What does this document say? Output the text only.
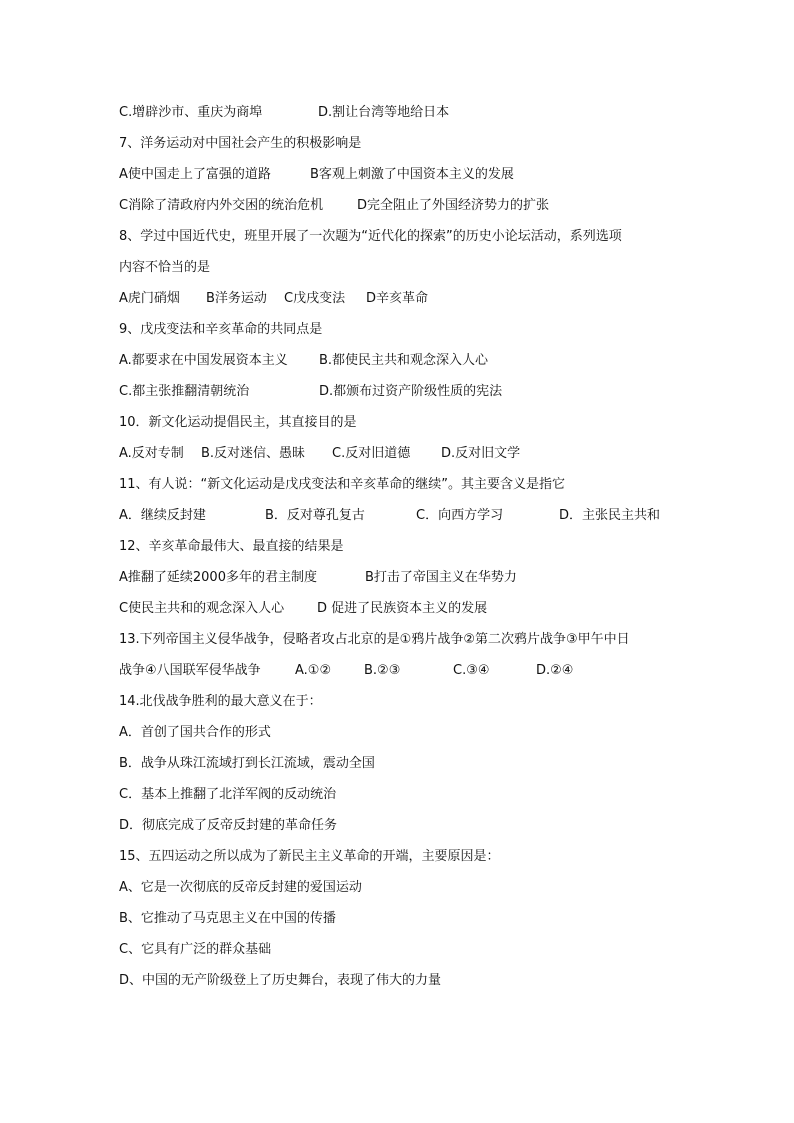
C.增辟沙市、重庆为商埠	D.割让台湾等地给日本
7、洋务运动对中国社会产生的积极影响是
A使中国走上了富强的道路	B客观上刺激了中国资本主义的发展
C消除了清政府内外交困的统治危机	D完全阻止了外国经济势力的扩张
8、学过中国近代史，班里开展了一次题为“近代化的探索”的历史小论坛活动，系列选项
内容不恰当的是
A虎门硝烟 B洋务运动 C戊戌变法 D辛亥革命
9、戊戌变法和辛亥革命的共同点是
A.都要求在中国发展资本主义 B.都使民主共和观念深入人心
C.都主张推翻清朝统治	D.都颁布过资产阶级性质的宪法
10．新文化运动提倡民主，其直接目的是
A.反对专制 B.反对迷信、愚昧 C.反对旧道德 D.反对旧文学
11、有人说：“新文化运动是戊戌变法和辛亥革命的继续”。其主要含义是指它
A．继续反封建	B．反对尊孔复古	C．向西方学习	D．主张民主共和
12、辛亥革命最伟大、最直接的结果是
A推翻了延续2000多年的君主制度	B打击了帝国主义在华势力
C使民主共和的观念深入人心	D 促进了民族资本主义的发展
13.下列帝国主义侵华战争，侵略者攻占北京的是①鸦片战争②第二次鸦片战争③甲午中日
战争④八国联军侵华战争	A.①②	B.②③	C.③④	D.②④
14.北伐战争胜利的最大意义在于：
A．首创了国共合作的形式
B．战争从珠江流域打到长江流域，震动全国
C．基本上推翻了北洋军阀的反动统治
D．彻底完成了反帝反封建的革命任务
15、五四运动之所以成为了新民主主义革命的开端，主要原因是：
A、它是一次彻底的反帝反封建的爱国运动
B、它推动了马克思主义在中国的传播
C、它具有广泛的群众基础
D、中国的无产阶级登上了历史舞台，表现了伟大的力量
